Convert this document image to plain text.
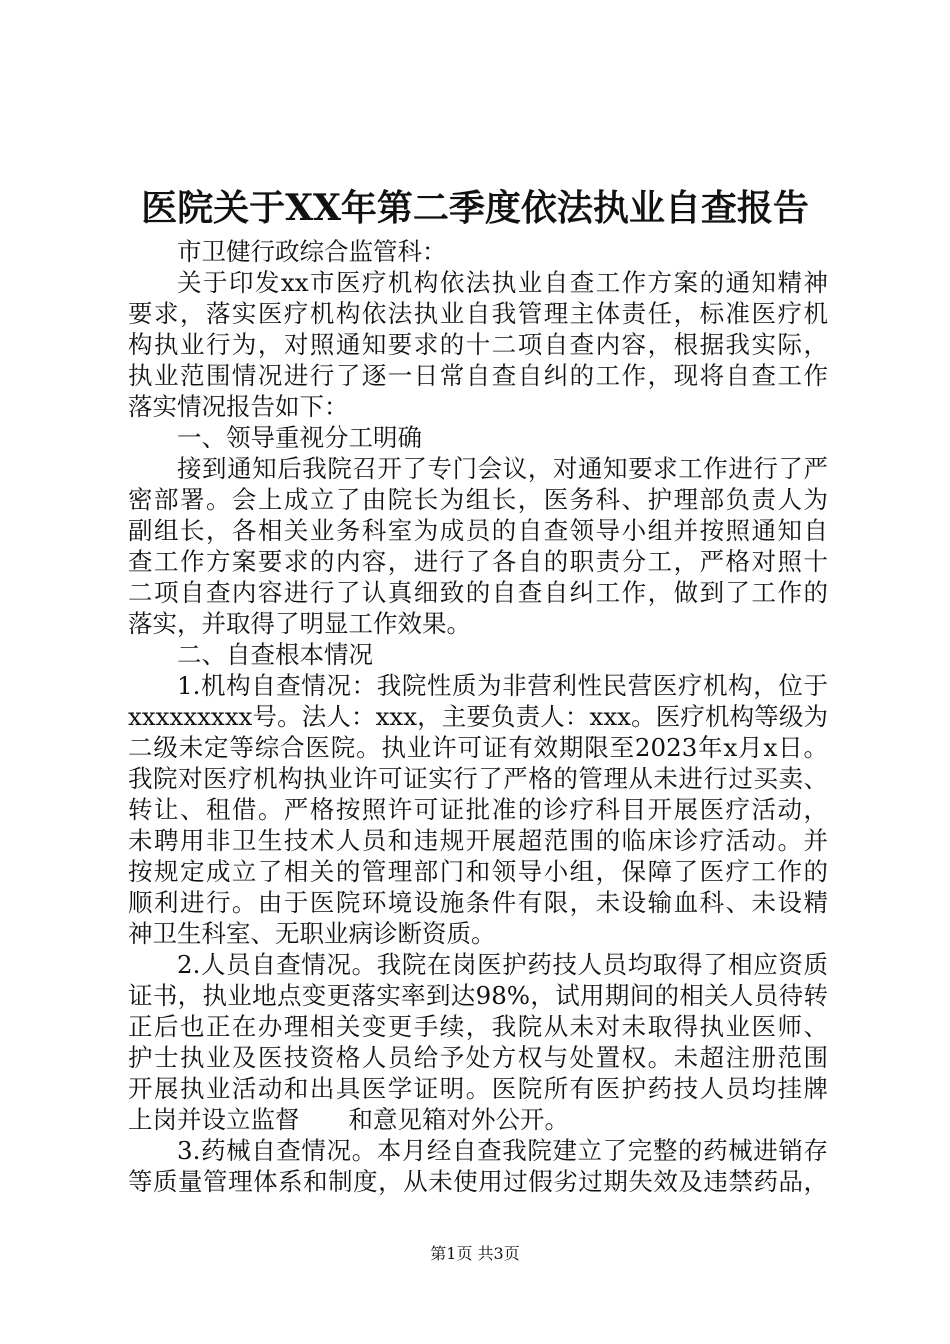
医院关于XX年第二季度依法执业自查报告
市卫健行政综合监管科：
关于印发xx市医疗机构依法执业自查工作方案的通知精神
要求，落实医疗机构依法执业自我管理主体责任，标准医疗机
构执业行为，对照通知要求的十二项自查内容，根据我实际，
执业范围情况进行了逐一日常自查自纠的工作，现将自查工作
落实情况报告如下：
一、领导重视分工明确
接到通知后我院召开了专门会议，对通知要求工作进行了严
密部署。会上成立了由院长为组长，医务科、护理部负责人为
副组长，各相关业务科室为成员的自查领导小组并按照通知自
查工作方案要求的内容，进行了各自的职责分工，严格对照十
二项自查内容进行了认真细致的自查自纠工作，做到了工作的
落实，并取得了明显工作效果。
二、自查根本情况
1.机构自查情况：我院性质为非营利性民营医疗机构，位于
xxxxxxxxx号。法人：xxx，主要负责人：xxx。医疗机构等级为
二级未定等综合医院。执业许可证有效期限至2023年x月x日。
我院对医疗机构执业许可证实行了严格的管理从未进行过买卖、
转让、租借。严格按照许可证批准的诊疗科目开展医疗活动，
未聘用非卫生技术人员和违规开展超范围的临床诊疗活动。并
按规定成立了相关的管理部门和领导小组，保障了医疗工作的
顺利进行。由于医院环境设施条件有限，未设输血科、未设精
神卫生科室、无职业病诊断资质。
2.人员自查情况。我院在岗医护药技人员均取得了相应资质
证书，执业地点变更落实率到达98%，试用期间的相关人员待转
正后也正在办理相关变更手续，我院从未对未取得执业医师、
护士执业及医技资格人员给予处方权与处置权。未超注册范围
开展执业活动和出具医学证明。医院所有医护药技人员均挂牌
上岗并设立监督　　和意见箱对外公开。
3.药械自查情况。本月经自查我院建立了完整的药械进销存
等质量管理体系和制度，从未使用过假劣过期失效及违禁药品，
第1页 共3页
